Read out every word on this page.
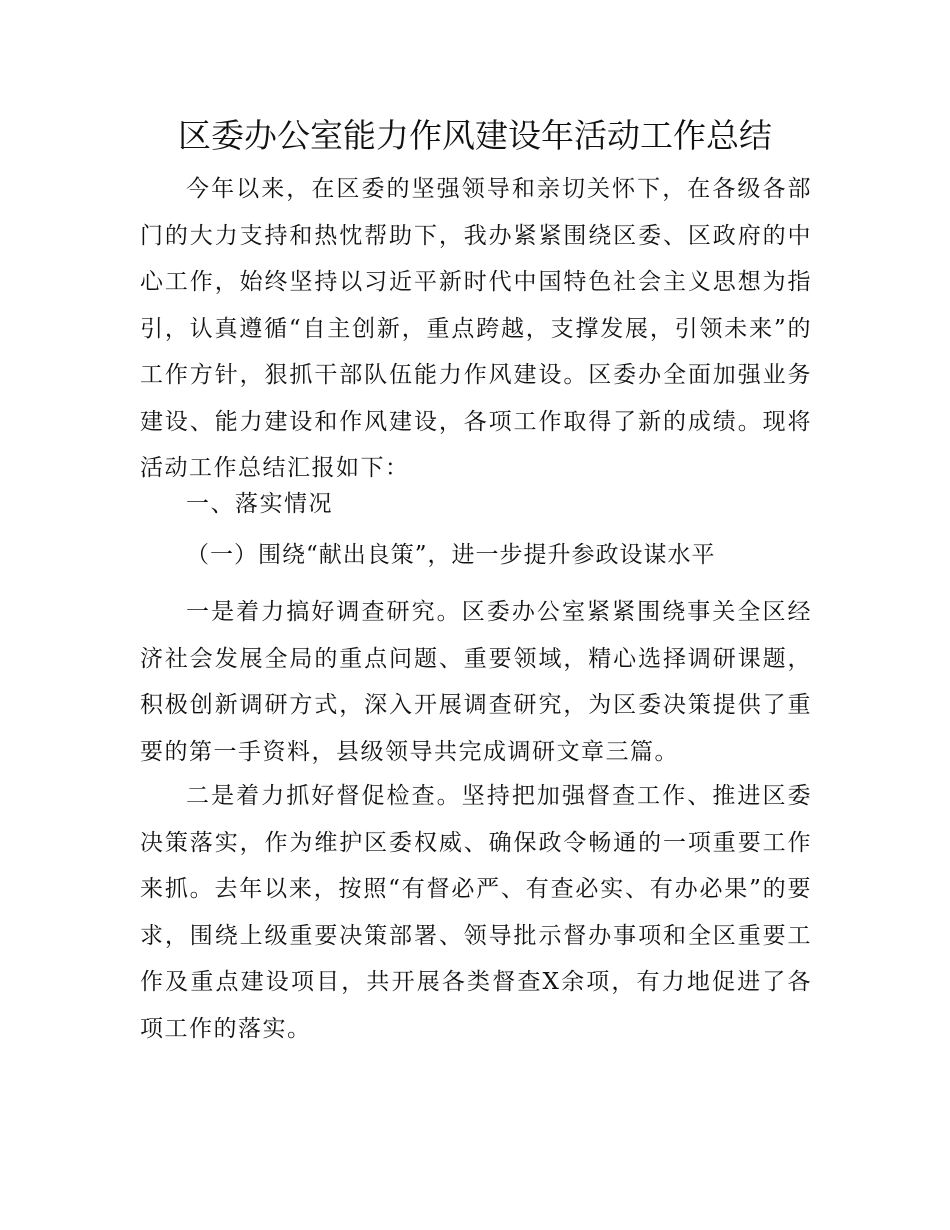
区委办公室能力作风建设年活动工作总结

今年以来，在区委的坚强领导和亲切关怀下，在各级各部门的大力支持和热忱帮助下，我办紧紧围绕区委、区政府的中心工作，始终坚持以习近平新时代中国特色社会主义思想为指引，认真遵循“自主创新，重点跨越，支撑发展，引领未来”的工作方针，狠抓干部队伍能力作风建设。区委办全面加强业务建设、能力建设和作风建设，各项工作取得了新的成绩。现将活动工作总结汇报如下：

一、落实情况

（一）围绕“献出良策”，进一步提升参政设谋水平

一是着力搞好调查研究。区委办公室紧紧围绕事关全区经济社会发展全局的重点问题、重要领域，精心选择调研课题，积极创新调研方式，深入开展调查研究，为区委决策提供了重要的第一手资料，县级领导共完成调研文章三篇。

二是着力抓好督促检查。坚持把加强督查工作、推进区委决策落实，作为维护区委权威、确保政令畅通的一项重要工作来抓。去年以来，按照“有督必严、有查必实、有办必果”的要求，围绕上级重要决策部署、领导批示督办事项和全区重要工作及重点建设项目，共开展各类督查X余项，有力地促进了各项工作的落实。
